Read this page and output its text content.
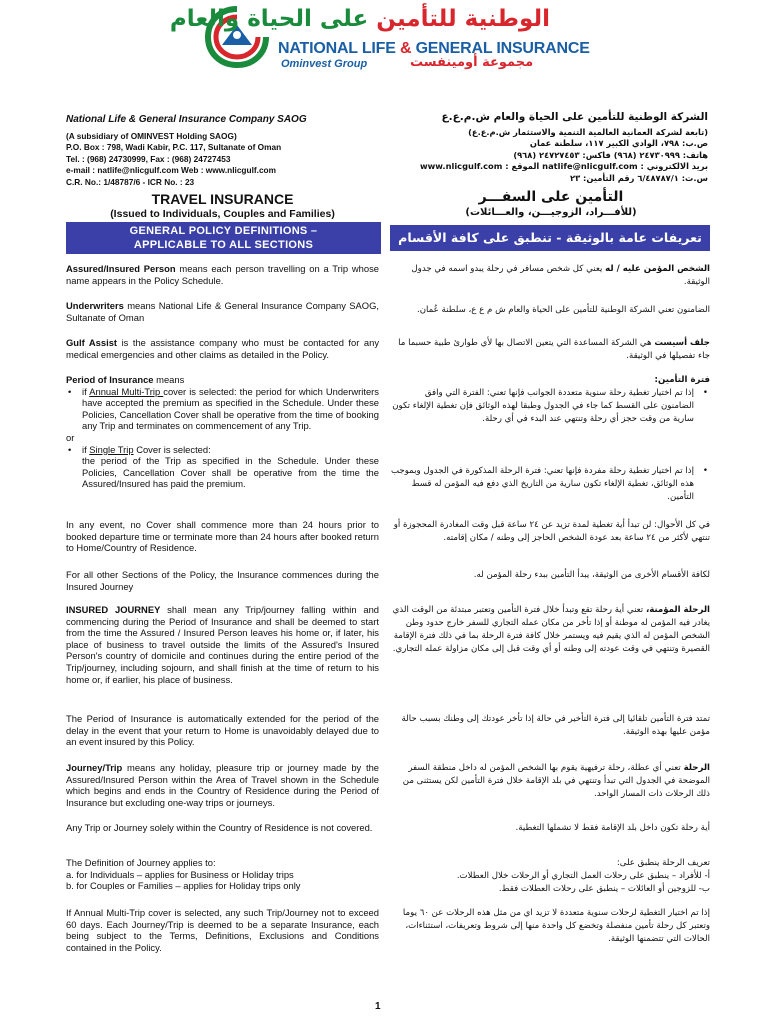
الوطنية للتأمين على الحياة والعام
NATIONAL LIFE & GENERAL INSURANCE
Ominvest Group	مجموعة أومينفست
National Life & General Insurance Company SAOG
(A subsidiary of OMINVEST Holding SAOG)
P.O. Box : 798, Wadi Kabir, P.C. 117, Sultanate of Oman
Tel. : (968) 24730999, Fax : (968) 24727453
e-mail : natlife@nlicgulf.com Web : www.nlicgulf.com
C.R. No.: 1/48787/6 - ICR No. : 23
الشركة الوطنية للتأمين على الحياة والعام ش.م.ع.ع
(تابعة لشركة العمانية العالمية التنمية والاستثمار ش.م.ع.ع)
ص.ب: ٧٩٨، الوادي الكبير ١١٧، سلطنة عمان
هاتف: ٢٤٧٣٠٩٩٩ (٩٦٨) فاكس: ٢٤٧٢٧٤٥٣ (٩٦٨)
بريد الالكتروني : natlife@nlicgulf.com الموقع : www.nlicgulf.com
س.ت: ٦/٤٨٧٨٧/١ رقم التأمين: ٢٣
TRAVEL INSURANCE
(Issued to Individuals, Couples and Families)
التأمين على السفـــر
(للأفـــراد، الزوجيـــن، والعـــائلات)
GENERAL POLICY DEFINITIONS –
APPLICABLE TO ALL SECTIONS	تعريفات عامة بالوثيقة - تنطبق على كافة الأقسام
Assured/Insured Person means each person travelling on a Trip whose name appears in the Policy Schedule.
Underwriters means National Life & General Insurance Company SAOG, Sultanate of Oman
Gulf Assist is the assistance company who must be contacted for any medical emergencies and other claims as detailed in the Policy.
Period of Insurance means
• if Annual Multi-Trip cover is selected: the period for which Underwriters have accepted the premium as specified in the Schedule. Under these Policies, Cancellation Cover shall be operative from the time of booking any Trip and terminates on commencement of any Trip.
or
• if Single Trip Cover is selected:
the period of the Trip as specified in the Schedule. Under these Policies, Cancellation Cover shall be operative from the time the Assured/Insured has paid the premium.
In any event, no Cover shall commence more than 24 hours prior to booked departure time or terminate more than 24 hours after booked return to Home/Country of Residence.
For all other Sections of the Policy, the Insurance commences during the Insured Journey
INSURED JOURNEY shall mean any Trip/journey falling within and commencing during the Period of Insurance and shall be deemed to start from the time the Assured / Insured Person leaves his home or, if later, his place of business to travel outside the limits of the Assured's Insured Person's country of domicile and continues during the entire period of the Trip/journey, including sojourn, and shall finish at the time of return to his home or, if earlier, his place of business.
The Period of Insurance is automatically extended for the period of the delay in the event that your return to Home is unavoidably delayed due to an event insured by this Policy.
Journey/Trip means any holiday, pleasure trip or journey made by the Assured/Insured Person within the Area of Travel shown in the Schedule which begins and ends in the Country of Residence during the Period of Insurance but excluding one-way trips or journeys.
Any Trip or Journey solely within the Country of Residence is not covered.
The Definition of Journey applies to:
a. for Individuals – applies for Business or Holiday trips
b. for Couples or Families – applies for Holiday trips only
If Annual Multi-Trip cover is selected, any such Trip/Journey not to exceed 60 days. Each Journey/Trip is deemed to be a separate Insurance, each being subject to the Terms, Definitions, Exclusions and Conditions contained in the Policy.
الشخص المؤمن عليه / له يعني كل شخص مسافر في رحلة يبدو اسمه في جدول الوثيقة.
الضامنون تعني الشركة الوطنية للتأمين على الحياة والعام ش م ع ع، سلطنة عُمان.
جلف أسيست هي الشركة المساعدة التي يتعين الاتصال بها لأي طوارئ طبية حسبما ما جاء تفصيلها في الوثيقة.
فترة التأمين:
• إذا تم اختيار تغطية رحلة سنوية متعددة الجوانب فإنها تعني: الفترة التي وافق الضامنون على القسط كما جاء في الجدول وطبقا لهذه الوثائق فإن تغطية الإلغاء تكون سارية من وقت حجز أي رحلة وتنتهي عند البدء في أي رحلة.
• إذا تم اختيار تغطية رحلة مفردة فإنها تعني: فترة الرحلة المذكورة في الجدول وبموجب هذه الوثائق، تغطية الإلغاء تكون سارية من التاريخ الذي دفع فيه المؤمن له قسط التأمين.
في كل الأحوال: لن تبدأ أية تغطية لمدة تزيد عن ٢٤ ساعة قبل وقت المغادرة المحجوزة أو تنتهي لأكثر من ٢٤ ساعة بعد عودة الشخص الحاجز إلى وطنه / مكان إقامته.
لكافة الأقسام الأخرى من الوثيقة، يبدأ التأمين ببدء رحلة المؤمن له.
الرحلة المؤمنة، تعني أية رحلة تقع وتبدأ خلال فترة التأمين وتعتبر مبتدئة من الوقت الذي يغادر فيه المؤمن له موطنة أو إذا تأخر من مكان عمله التجاري للسفر خارج حدود وطن الشخص المؤمن له الذي يقيم فيه ويستمر خلال كافة فترة الرحلة بما في ذلك فترة الإقامة القصيرة وتنتهي في وقت عودته إلى وطنه أو أي وقت قبل إلى مكان مزاولة عمله التجاري.
تمتد فترة التأمين تلقائيا إلى فترة التأخير في حالة إذا تأخر عودتك إلى وطنك بسبب حالة مؤمن عليها بهذه الوثيقة.
الرحلة تعني أي عطلة، رحلة ترفيهية يقوم بها الشخص المؤمن له داخل منطقة السفر الموضحة في الجدول التي تبدأ وتنتهي في بلد الإقامة خلال فترة التأمين لكن يستثنى من ذلك الرحلات ذات المسار الواحد.
أية رحلة تكون داخل بلد الإقامة فقط لا تشملها التغطية.
تعريف الرحلة ينطبق على:
أ- للأفراد – ينطبق على رحلات العمل التجاري أو الرحلات خلال العطلات.
ب- للزوجين أو العائلات – ينطبق على رحلات العطلات فقط.
إذا تم اختيار التغطية لرحلات سنوية متعددة لا تزيد اي من مثل هذه الرحلات عن ٦٠ يوما وتعتبر كل رحلة تأمين منفصلة وتخضع كل واحدة منها إلى شروط وتعريفات، استثناءات، الحالات التي تتضمنها الوثيقة.
1
